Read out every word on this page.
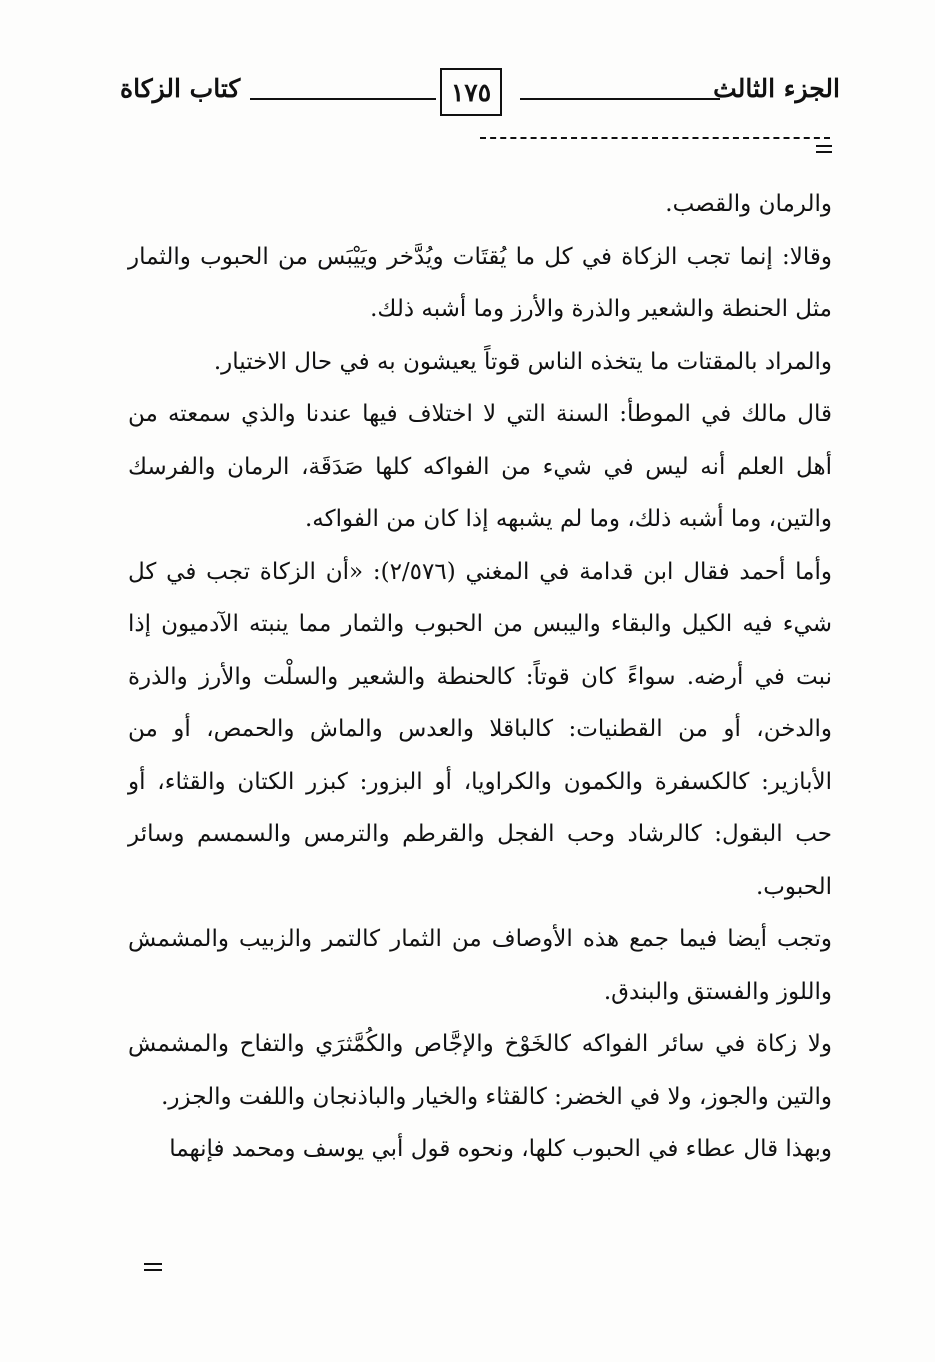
الجزء الثالث
١٧٥
كتاب الزكاة

والرمان والقصب.

وقالا: إنما تجب الزكاة في كل ما يُقتَات ويُدَّخر ويَيْبَس من الحبوب والثمار مثل الحنطة والشعير والذرة والأرز وما أشبه ذلك.

والمراد بالمقتات ما يتخذه الناس قوتاً يعيشون به في حال الاختيار.

قال مالك في الموطأ: السنة التي لا اختلاف فيها عندنا والذي سمعته من أهل العلم أنه ليس في شيء من الفواكه كلها صَدَقَة، الرمان والفرسك والتين، وما أشبه ذلك، وما لم يشبهه إذا كان من الفواكه.

وأما أحمد فقال ابن قدامة في المغني (٢/٥٧٦): «أن الزكاة تجب في كل شيء فيه الكيل والبقاء واليبس من الحبوب والثمار مما ينبته الآدميون إذا نبت في أرضه. سواءً كان قوتاً: كالحنطة والشعير والسلْت والأرز والذرة والدخن، أو من القطنيات: كالباقلا والعدس والماش والحمص، أو من الأبازير: كالكسفرة والكمون والكراويا، أو البزور: كبزر الكتان والقثاء، أو حب البقول: كالرشاد وحب الفجل والقرطم والترمس والسمسم وسائر الحبوب.

وتجب أيضا فيما جمع هذه الأوصاف من الثمار كالتمر والزبيب والمشمش واللوز والفستق والبندق.

ولا زكاة في سائر الفواكه كالخَوْخ والإجَّاص والكُمَّثرَي والتفاح والمشمش والتين والجوز، ولا في الخضر: كالقثاء والخيار والباذنجان واللفت والجزر.

وبهذا قال عطاء في الحبوب كلها، ونحوه قول أبي يوسف ومحمد فإنهما
